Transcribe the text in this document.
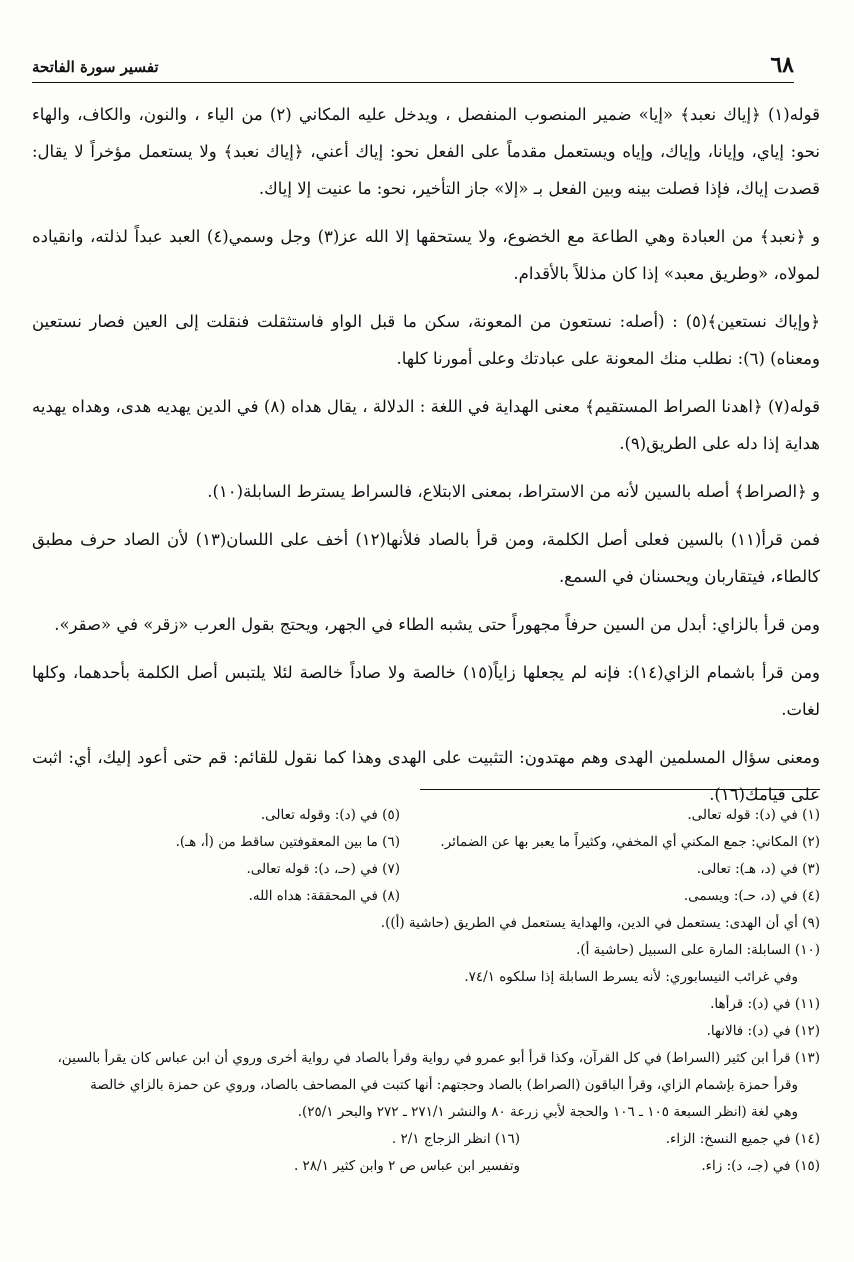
٦٨
تفسير سورة الفاتحة

قوله(١) ﴿إياك نعبد﴾ «إيا» ضمير المنصوب المنفصل ، ويدخل عليه المكاني (٢) من الياء ، والنون، والكاف، والهاء نحو: إياي، وإيانا، وإياك، وإياه ويستعمل مقدماً على الفعل نحو: إياك أعني، ﴿إياك نعبد﴾ ولا يستعمل مؤخراً لا يقال: قصدت إياك، فإذا فصلت بينه وبين الفعل بـ «إلا» جاز التأخير، نحو: ما عنيت إلا إياك.

و ﴿نعبد﴾ من العبادة وهي الطاعة مع الخضوع، ولا يستحقها إلا الله عز(٣) وجل وسمي(٤) العبد عبداً لذلته، وانقياده لمولاه، «وطريق معبد» إذا كان مذللاً بالأقدام.

﴿وإياك نستعين﴾(٥) : (أصله: نستعون من المعونة، سكن ما قبل الواو فاستثقلت فنقلت إلى العين فصار نستعين ومعناه) (٦): نطلب منك المعونة على عبادتك وعلى أمورنا كلها.

قوله(٧) ﴿اهدنا الصراط المستقيم﴾ معنى الهداية في اللغة : الدلالة ، يقال هداه (٨) في الدين يهديه هدى، وهداه يهديه هداية إذا دله على الطريق(٩).

و ﴿الصراط﴾ أصله بالسين لأنه من الاستراط، بمعنى الابتلاع، فالسراط يسترط السابلة(١٠).

فمن قرأ(١١) بالسين فعلى أصل الكلمة، ومن قرأ بالصاد فلأنها(١٢) أخف على اللسان(١٣) لأن الصاد حرف مطبق كالطاء، فيتقاربان ويحسنان في السمع.

ومن قرأ بالزاي: أبدل من السين حرفاً مجهوراً حتى يشبه الطاء في الجهر، ويحتج بقول العرب «زقر» في «صقر».

ومن قرأ باشمام الزاي(١٤): فإنه لم يجعلها زاياً(١٥) خالصة ولا صاداً خالصة لئلا يلتبس أصل الكلمة بأحدهما، وكلها لغات.

ومعنى سؤال المسلمين الهدى وهم مهتدون: التثبيت على الهدى وهذا كما نقول للقائم: قم حتى أعود إليك، أي: اثبت على قيامك(١٦).

(١) في (د): قوله تعالى.
(٥) في (د): وقوله تعالى.
(٢) المكاني: جمع المكني أي المخفي، وكثيراً ما يعبر بها عن الضمائر.
(٦) ما بين المعقوفتين ساقط من (أ، هـ).
(٣) في (د، هـ): تعالى.
(٧) في (حـ، د): قوله تعالى.
(٤) في (د، حـ): ويسمى.
(٨) في المحققة: هداه الله.
(٩) أي أن الهدى: يستعمل في الدين، والهداية يستعمل في الطريق (حاشية (أ)).
(١٠) السابلة: المارة على السبيل (حاشية أ).
وفي غرائب النيسابوري: لأنه يسرط السابلة إذا سلكوه ٧٤/١.
(١١) في (د): قرأها.
(١٢) في (د): فالانها.
(١٣) قرأ ابن كثير (السراط) في كل القرآن، وكذا قرأ أبو عمرو في رواية وقرأ بالصاد في رواية أخرى وروي أن ابن عباس كان يقرأ بالسين،
وقرأ حمزة بإشمام الزاي، وقرأ الباقون (الصراط) بالصاد وحجتهم: أنها كتبت في المصاحف بالصاد، وروي عن حمزة بالزاي خالصة
وهي لغة (انظر السبعة ١٠٥ ـ ١٠٦ والحجة لأبي زرعة ٨٠ والنشر ٢٧١/١ ـ ٢٧٢ والبحر ٢٥/١).
(١٤) في جميع النسخ: الزاء.
(١٦) انظر الزجاج ٢/١ .
(١٥) في (جـ، د): زاء.
وتفسير ابن عباس ص ٢ وابن كثير ٢٨/١ .
